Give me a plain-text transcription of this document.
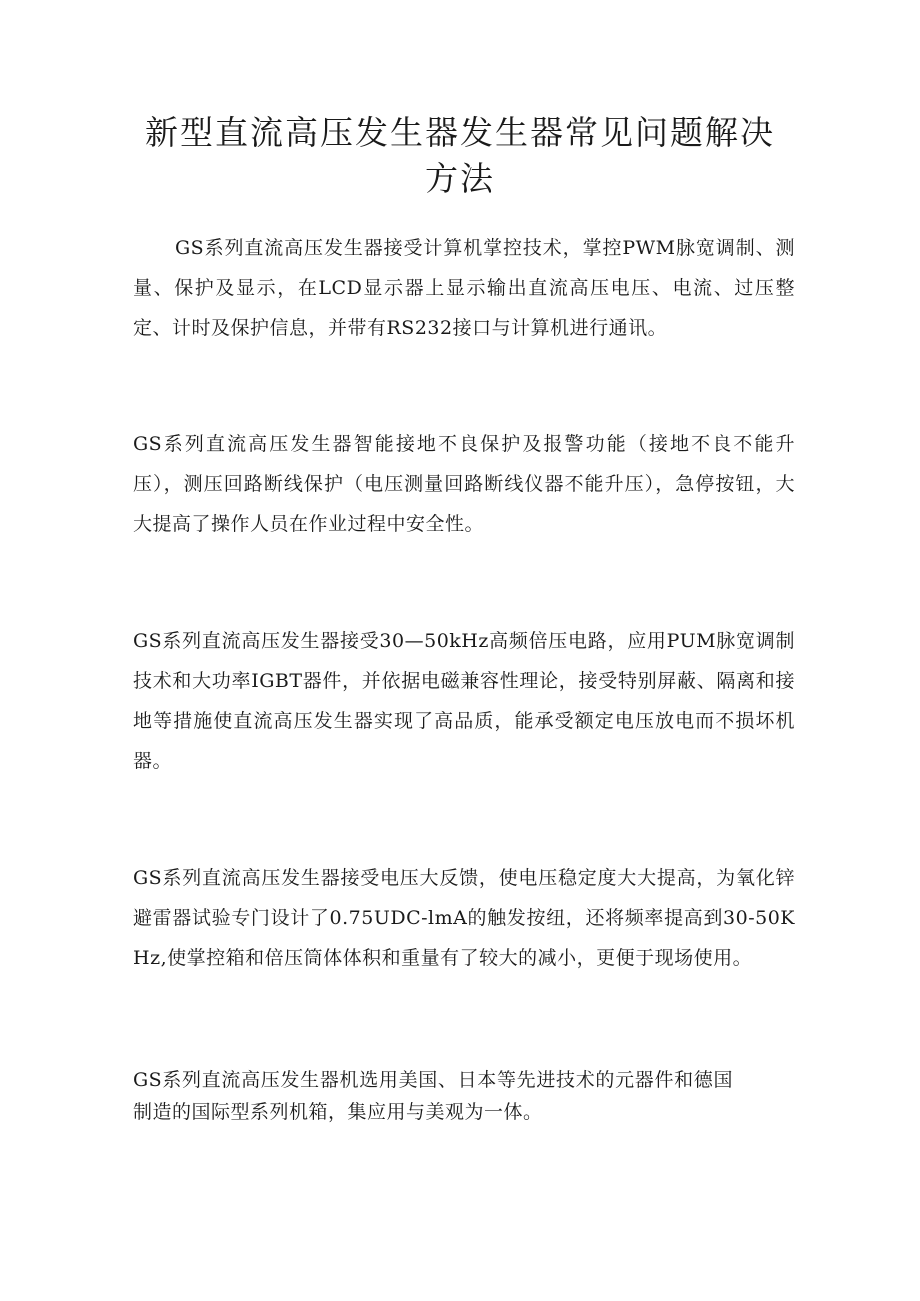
新型直流高压发生器发生器常见问题解决方法

GS系列直流高压发生器接受计算机掌控技术，掌控PWM脉宽调制、测量、保护及显示，在LCD显示器上显示输出直流高压电压、电流、过压整定、计时及保护信息，并带有RS232接口与计算机进行通讯。

GS系列直流高压发生器智能接地不良保护及报警功能（接地不良不能升压），测压回路断线保护（电压测量回路断线仪器不能升压），急停按钮，大大提高了操作人员在作业过程中安全性。

GS系列直流高压发生器接受30—50kHz高频倍压电路，应用PUM脉宽调制技术和大功率IGBT器件，并依据电磁兼容性理论，接受特别屏蔽、隔离和接地等措施使直流高压发生器实现了高品质，能承受额定电压放电而不损坏机器。

GS系列直流高压发生器接受电压大反馈，使电压稳定度大大提高，为氧化锌避雷器试验专门设计了0.75UDC-lmA的触发按纽，还将频率提高到30-50KHz,使掌控箱和倍压筒体体积和重量有了较大的减小，更便于现场使用。

GS系列直流高压发生器机选用美国、日本等先进技术的元器件和德国制造的国际型系列机箱，集应用与美观为一体。
